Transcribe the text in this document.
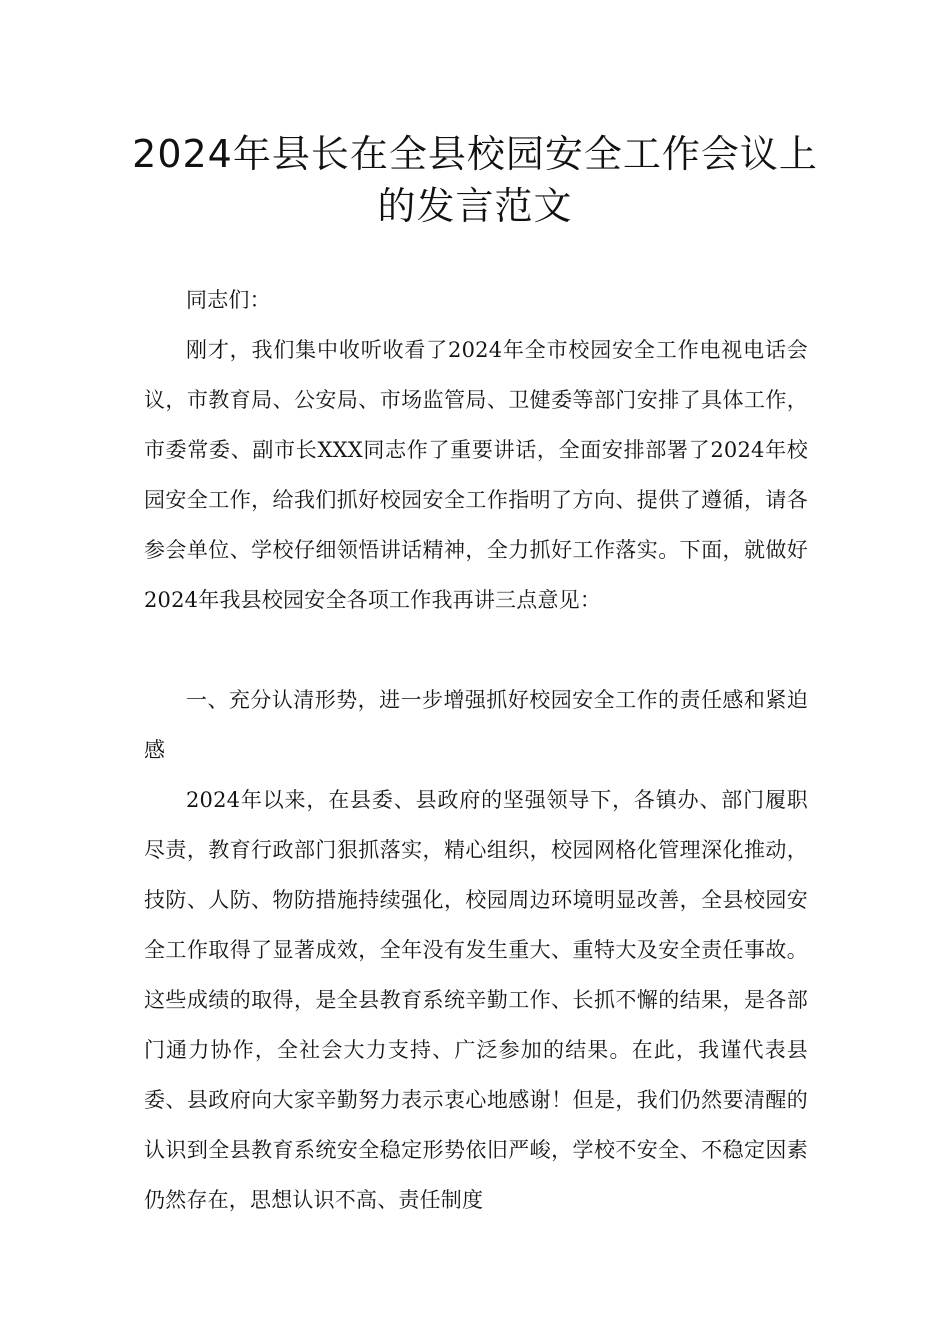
2024年县长在全县校园安全工作会议上
的发言范文

同志们：

刚才，我们集中收听收看了2024年全市校园安全工作电视电话会议，市教育局、公安局、市场监管局、卫健委等部门安排了具体工作，市委常委、副市长XXX同志作了重要讲话，全面安排部署了2024年校园安全工作，给我们抓好校园安全工作指明了方向、提供了遵循，请各参会单位、学校仔细领悟讲话精神，全力抓好工作落实。下面，就做好2024年我县校园安全各项工作我再讲三点意见：

一、充分认清形势，进一步增强抓好校园安全工作的责任感和紧迫感

2024年以来，在县委、县政府的坚强领导下，各镇办、部门履职尽责，教育行政部门狠抓落实，精心组织，校园网格化管理深化推动，技防、人防、物防措施持续强化，校园周边环境明显改善，全县校园安全工作取得了显著成效，全年没有发生重大、重特大及安全责任事故。这些成绩的取得，是全县教育系统辛勤工作、长抓不懈的结果，是各部门通力协作，全社会大力支持、广泛参加的结果。在此，我谨代表县委、县政府向大家辛勤努力表示衷心地感谢！但是，我们仍然要清醒的认识到全县教育系统安全稳定形势依旧严峻，学校不安全、不稳定因素仍然存在，思想认识不高、责任制度
